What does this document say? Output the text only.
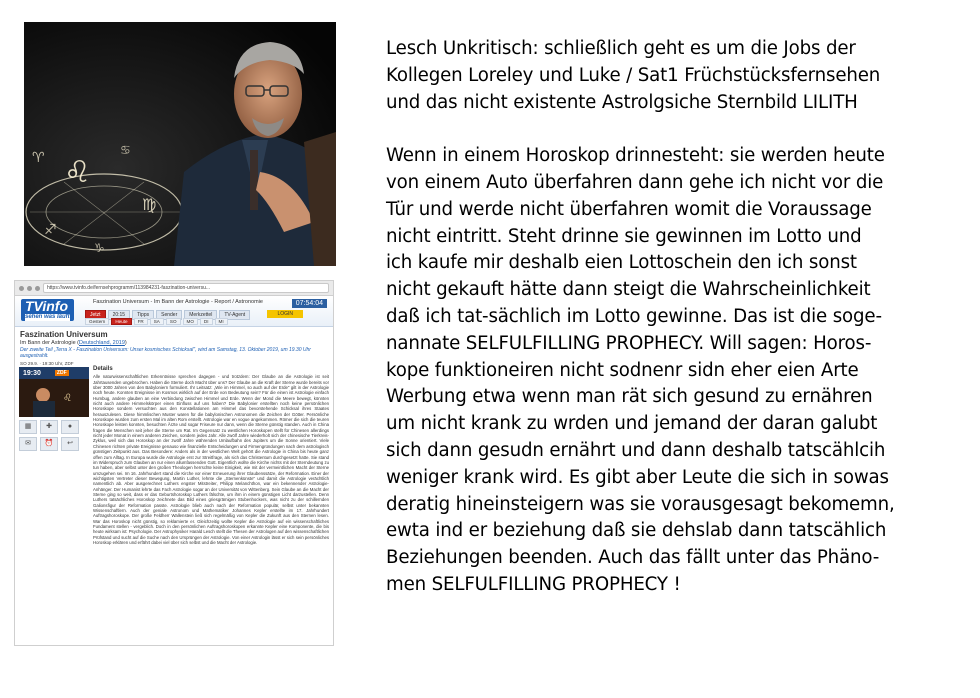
♌
♈	♋
♍
♐
♑
https://www.tvinfo.de/fernsehprogramm/113984231-faszination-universu...
TVinfo
sehen was läuft
Faszination Universum - Im Bann der Astrologie - Report / Astronomie	07:54:04
Jetzt	20:15	Tipps	Sender	Merkzettel	TV-Agent	LOGIN
Gestern	Heute	FR	SA	SO	MO	DI	MI
Faszination Universum
Im Bann der Astrologie (Deutschland, 2019)
Der zweite Teil „Terra X - Faszination Universum: Unser kosmisches Schicksal", wird am Samstag, 13. Oktober 2019, um 19.30 Uhr ausgestrahlt.
SO 29.9. · 19:30 Uhr, ZDF
19:30	ZDF
♌
▦	✚	●
✉	⏰	↩
Details

Alle naturwissenschaftlichen Erkenntnisse sprechen dagegen - und trotzdem: Der Glaube an die Astrologie ist seit Jahrtausenden ungebrochen. Haben die Sterne doch Macht über uns? Der Glaube an die Kraft der Sterne wurde bereits vor über 3000 Jahren von den Babyloniern formuliert. Ihr Leitsatz: „Wie im Himmel, so auch auf der Erde" gilt in der Astrologie noch heute. Konnten Ereignisse im Kosmos wirklich auf der Erde von Bedeutung sein? Für die einen ist Astrologie einfach Humbug, andere glauben an eine Verbindung zwischen Himmel und Erde. Wenn der Mond die Meere bewegt, könnten nicht auch andere Himmelskörper einen Einfluss auf uns haben? Die Babylonier erstellten noch keine persönlichen Horoskope sondern versuchten aus den Konstellationen am Himmel das bevorstehende Schicksal ihres Staates herauszulesen. Diese himmlischen Muster waren für die babylonischen Astronomen die Zeichen der Götter. Persönliche Horoskope wurden zum ersten Mal im alten Rom erstellt. Astrologie war en vogue angekommen. Römer die sich die teuren Horoskope leisten konnten, besuchten Ärzte und sogar Friseure nur dann, wenn die Sterne günstig standen. Auch in China fragen die Menschen seit jeher die Sterne um Rat. Im Gegensatz zu westlichen Horoskopen stellt für Chinesen allerdings nicht jeder Monat in einem anderen Zeichen, sondern jedes Jahr. Alle zwölf Jahre wiederholt sich der chinesische Tierkreis-Zyklus, weil sich das Horoskop an der zwölf Jahre währenden Umlaufbahn des Jupiters um die Sonne orientiert. Viele Chinesen richten private Ereignisse genauso wie finanzielle Entscheidungen und Firmengründungen nach dem astrologisch günstigen Zeitpunkt aus. Das Besondere: Anders als in der westlichen Welt gehört die Astrologie in China bis heute ganz offen zum Alltag. In Europa wurde die Astrologie erst zur Streitfrage, als sich das Christentum durchgesetzt hatte. Sie stand im Widerspruch zum Glauben an nur einen allumfassenden Gott. Eigentlich wollte die Kirche nichts mit der Sterndeutung zu tun haben, aber selbst unter den großen Theologen herrschte keine Einigkeit, wie mit der vermeintlichen Macht der Sterne umzugehen sei. Im 16. Jahrhundert stand die Kirche vor einer Erneuerung ihrer Glaubenssätze, der Reformation. Einer der wichtigsten Vertreter dieser Bewegung, Martin Luther, lehnte die „Sternenkünste" und damit die Astrologie verächtlich namentlich ab. Aber ausgerechnet Luthers engster Mitstreiter, Philipp Melanchthon, war ein bekennender Astrologie-Anhänger. Der Humanist lehrte das Fach Astrologie sogar an der Universität von Wittenberg. Sein Glaube an die Macht der Sterne ging so weit, dass er das Geburtshoroskop Luthers fälschte, um ihm in einem günstigen Licht darzustellen. Denn Luthers tatsächliches Horoskop zeichnete das Bild eines griesgrämigen Stubenhockers, was nicht zu der schillernden Galionsfigur der Reformation passte. Astrologie blieb auch nach der Reformation populär, selbst unter bekannten Wissenschaftlern. Auch der geniale Astronom und Mathematiker Johannes Kepler erstellte im 17. Jahrhundert Auftragshoroskope. Der große Feldherr Wallenstein ließ sich regelmäßig von Kepler die Zukunft aus den Sternen lesen. War das Horoskop nicht günstig, so reklamierte er. Gleichzeitig wollte Kepler die Astrologie auf ein wissenschaftliches Fundament stellen - vergeblich. Doch in den persönlichen Auftragshoroskopen erkannte Kepler eine Komponente, die bis heute wirksam ist: Psychologie. Der Astrophysiker Harald Lesch stellt die Thesen der Astrologen auf den wissenschaftlichen Prüfstand und sucht auf die Suche nach den Ursprüngen der Astrologie. Von einer Astrologin lässt er sich sein persönliches Horoskop erklären und erfährt dabei viel über sich selbst und die Macht der Astrologie.

Lesch Unkritisch: schließlich geht es um die Jobs der
Kollegen Loreley und Luke / Sat1 Früchstücksfernsehen
und das nicht existente Astrolgsiche Sternbild LILITH
Wenn in einem Horoskop drinnesteht: sie werden heute
von einem Auto überfahren dann gehe ich nicht vor die
Tür und werde nicht überfahren womit die Voraussage
nicht eintritt. Steht drinne sie gewinnen im Lotto und
ich kaufe mir deshalb eien Lottoschein den ich sonst
nicht gekauft hätte dann steigt die Wahrscheinlichkeit
daß ich tat-sächlich im Lotto gewinne. Das ist die soge-
nannate SELFULFILLING PROPHECY. Will sagen: Horos-
kope funktioneiren nicht sodnenr sidn eher eien Arte
Werbung etwa wenn man rät sich gesund zu ernähren
um nicht krank zu wrden und jemand der daran galubt
sich dann gesudn ernährt und dann deshalb tatscählcih
weniger krank wird. Es gibt aber Leute die sich in sowas
deratig hineinsteigern was sie vorausgesagt bekomemn,
ewta ind er beziehung daß sie dehslab dann tatscählich
Beziehungen beenden. Auch das fällt unter das Phäno-
men SELFULFILLING PROPHECY !
